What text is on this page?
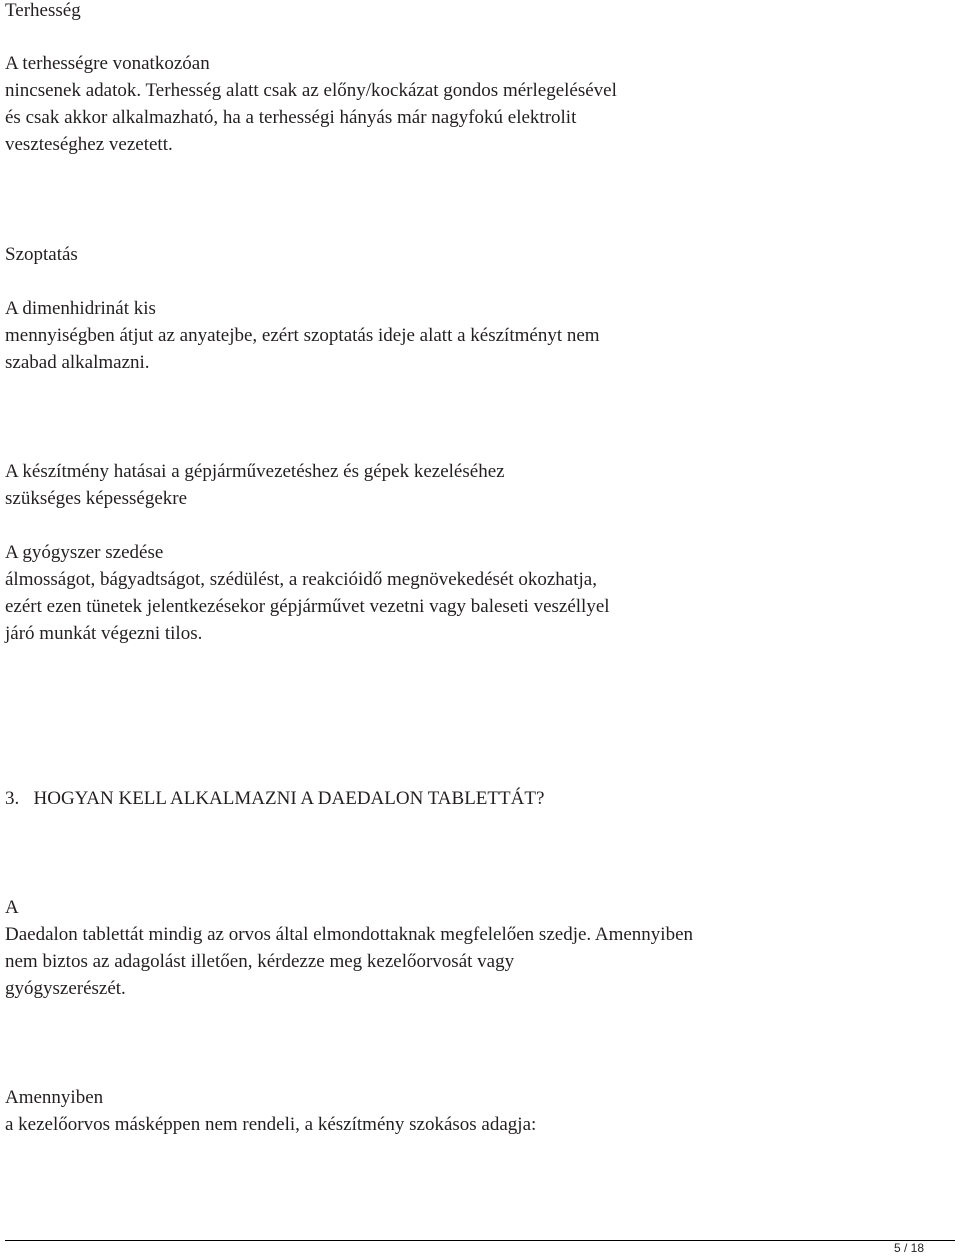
Terhesség

A terhességre vonatkozóan

nincsenek adatok. Terhesség alatt csak az előny/kockázat gondos mérlegelésével

és csak akkor alkalmazható, ha a terhességi hányás már nagyfokú elektrolit

veszteséghez vezetett.

Szoptatás

A dimenhidrinát kis

mennyiségben átjut az anyatejbe, ezért szoptatás ideje alatt a készítményt nem

szabad alkalmazni.

A készítmény hatásai a gépjárművezetéshez és gépek kezeléséhez

szükséges képességekre

A gyógyszer szedése

álmosságot, bágyadtságot, szédülést, a reakcióidő megnövekedését okozhatja,

ezért ezen tünetek jelentkezésekor gépjárművet vezetni vagy baleseti veszéllyel

járó munkát végezni tilos.

3.   HOGYAN KELL ALKALMAZNI A DAEDALON TABLETTÁT?

A

Daedalon tablettát mindig az orvos által elmondottaknak megfelelően szedje. Amennyiben

nem biztos az adagolást illetően, kérdezze meg kezelőorvosát vagy

gyógyszerészét.

Amennyiben

a kezelőorvos másképpen nem rendeli, a készítmény szokásos adagja:

5 / 18
